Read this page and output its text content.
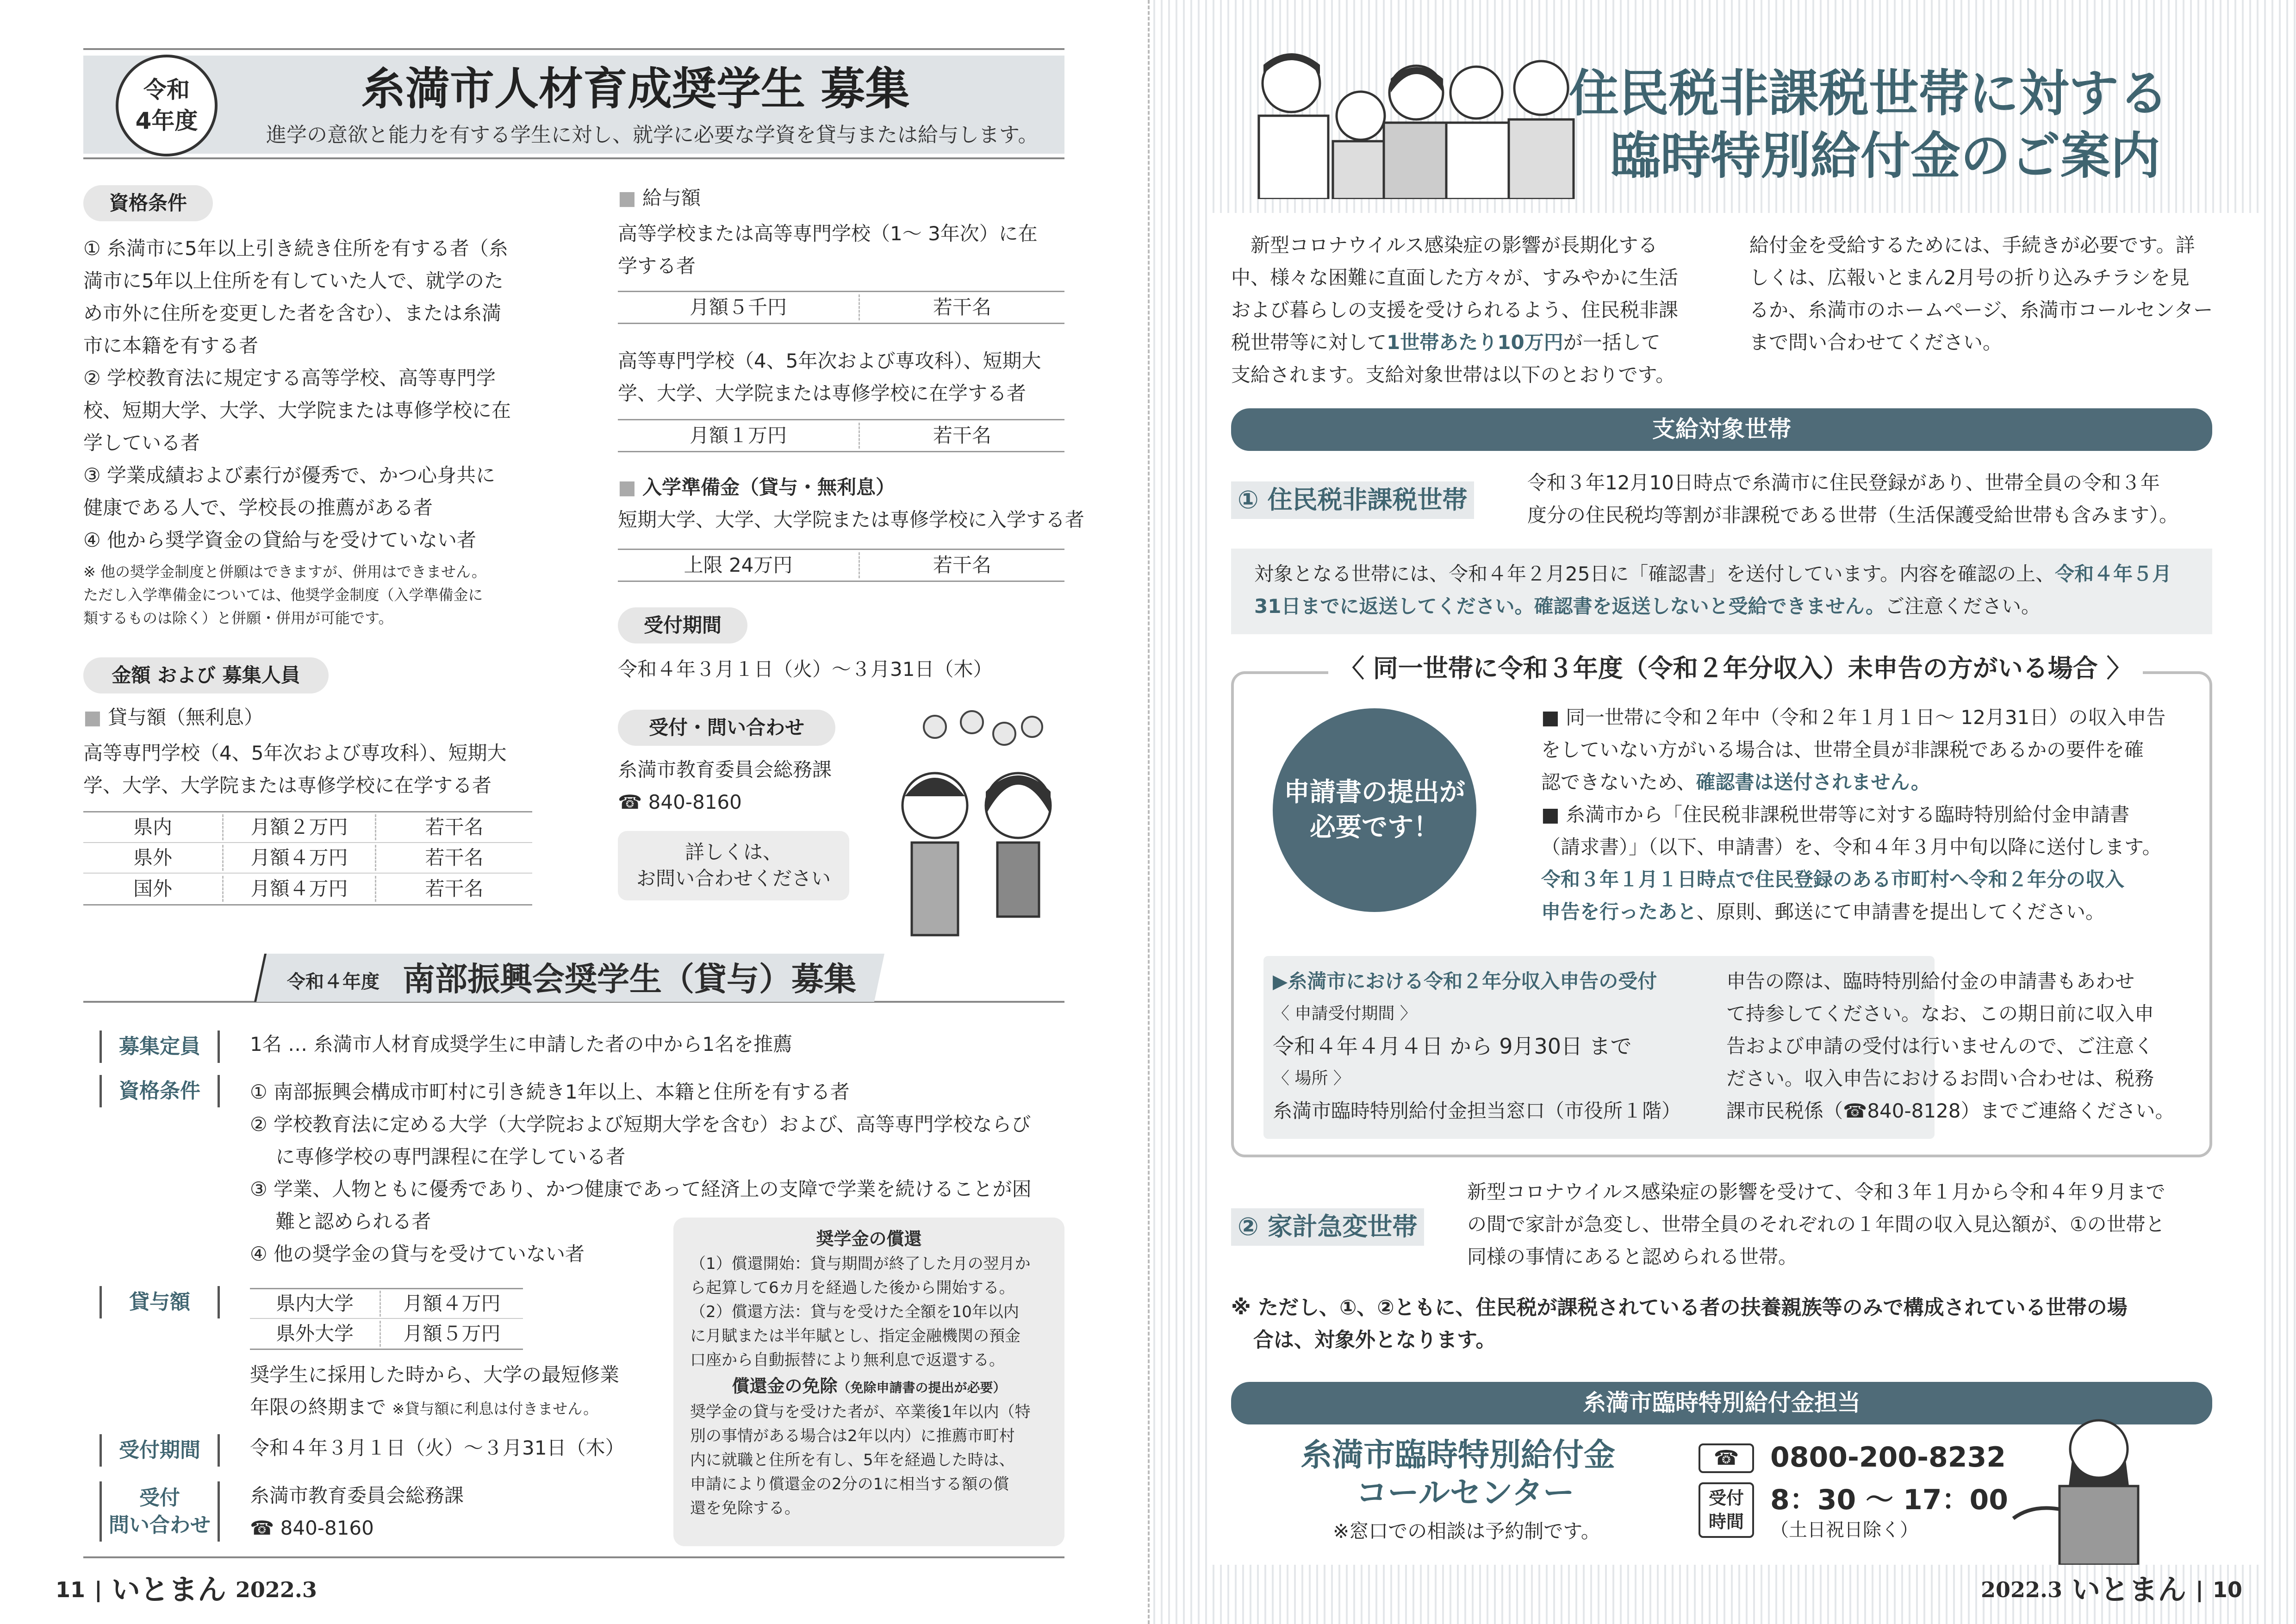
令和
4年度
糸満市人材育成奨学生 募集
進学の意欲と能力を有する学生に対し、就学に必要な学資を貸与または給与します。
資格条件
① 糸満市に5年以上引き続き住所を有する者（糸
満市に5年以上住所を有していた人で、就学のた
め市外に住所を変更した者を含む）、または糸満
市に本籍を有する者
② 学校教育法に規定する高等学校、高等専門学
校、短期大学、大学、大学院または専修学校に在
学している者
③ 学業成績および素行が優秀で、かつ心身共に
健康である人で、学校長の推薦がある者
④ 他から奨学資金の貸給与を受けていない者
※ 他の奨学金制度と併願はできますが、併用はできません。
ただし入学準備金については、他奨学金制度（入学準備金に
類するものは除く）と併願・併用が可能です。
金額 および 募集人員
■ 貸与額（無利息）
高等専門学校（4、5年次および専攻科）、短期大
学、大学、大学院または専修学校に在学する者
県内	月額２万円	若干名
県外	月額４万円	若干名
国外	月額４万円	若干名
■ 給与額
高等学校または高等専門学校（1～ 3年次）に在
学する者
月額５千円	若干名
高等専門学校（4、5年次および専攻科）、短期大
学、大学、大学院または専修学校に在学する者
月額１万円	若干名
■ 入学準備金（貸与・無利息）
短期大学、大学、大学院または専修学校に入学する者
上限 24万円	若干名
受付期間
令和４年３月１日（火）～３月31日（木）
受付・問い合わせ
糸満市教育委員会総務課
☎ 840-8160
詳しくは、
お問い合わせください
令和４年度 南部振興会奨学生（貸与）募集
募集定員	1名 … 糸満市人材育成奨学生に申請した者の中から1名を推薦
資格条件	① 南部振興会構成市町村に引き続き1年以上、本籍と住所を有する者
② 学校教育法に定める大学（大学院および短期大学を含む）および、高等専門学校ならび
　 に専修学校の専門課程に在学している者
③ 学業、人物ともに優秀であり、かつ健康であって経済上の支障で学業を続けることが困
　 難と認められる者
④ 他の奨学金の貸与を受けていない者
貸与額	県内大学	月額４万円
県外大学	月額５万円
奨学生に採用した時から、大学の最短修業
年限の終期まで ※貸与額に利息は付きません。
受付期間	令和４年３月１日（火）～３月31日（木）
受付
問い合わせ
糸満市教育委員会総務課
☎ 840-8160
奨学金の償還
（1）償還開始：貸与期間が終了した月の翌月か
ら起算して6カ月を経過した後から開始する。
（2）償還方法：貸与を受けた全額を10年以内
に月賦または半年賦とし、指定金融機関の預金
口座から自動振替により無利息で返還する。
償還金の免除（免除申請書の提出が必要）
奨学金の貸与を受けた者が、卒業後1年以内（特
別の事情がある場合は2年以内）に推薦市町村
内に就職と住所を有し、5年を経過した時は、
申請により償還金の2分の1に相当する額の償
還を免除する。
11 | いとまん 2022.3
住民税非課税世帯に対する
臨時特別給付金のご案内
新型コロナウイルス感染症の影響が長期化する
中、様々な困難に直面した方々が、すみやかに生活
および暮らしの支援を受けられるよう、住民税非課
税世帯等に対して1世帯あたり10万円が一括して
支給されます。支給対象世帯は以下のとおりです。
給付金を受給するためには、手続きが必要です。詳
しくは、広報いとまん2月号の折り込みチラシを見
るか、糸満市のホームページ、糸満市コールセンター
まで問い合わせてください。
支給対象世帯
① 住民税非課税世帯
令和３年12月10日時点で糸満市に住民登録があり、世帯全員の令和３年
度分の住民税均等割が非課税である世帯（生活保護受給世帯も含みます）。
対象となる世帯には、令和４年２月25日に「確認書」を送付しています。内容を確認の上、令和４年５月
31日までに返送してください。確認書を返送しないと受給できません。ご注意ください。
〈 同一世帯に令和３年度（令和２年分収入）未申告の方がいる場合 〉
申請書の提出が
必要です！
■ 同一世帯に令和２年中（令和２年１月１日～ 12月31日）の収入申告
をしていない方がいる場合は、世帯全員が非課税であるかの要件を確
認できないため、確認書は送付されません。
■ 糸満市から「住民税非課税世帯等に対する臨時特別給付金申請書
（請求書）」（以下、申請書）を、令和４年３月中旬以降に送付します。
令和３年１月１日時点で住民登録のある市町村へ令和２年分の収入
申告を行ったあと、原則、郵送にて申請書を提出してください。
▶糸満市における令和２年分収入申告の受付
〈 申請受付期間 〉
令和４年４月４日 から 9月30日 まで
〈 場所 〉
糸満市臨時特別給付金担当窓口（市役所１階）
申告の際は、臨時特別給付金の申請書もあわせ
て持参してください。なお、この期日前に収入申
告および申請の受付は行いませんので、ご注意く
ださい。収入申告におけるお問い合わせは、税務
課市民税係（☎840-8128）までご連絡ください。
② 家計急変世帯
新型コロナウイルス感染症の影響を受けて、令和３年１月から令和４年９月まで
の間で家計が急変し、世帯全員のそれぞれの１年間の収入見込額が、①の世帯と
同様の事情にあると認められる世帯。
※ ただし、①、②ともに、住民税が課税されている者の扶養親族等のみで構成されている世帯の場
合は、対象外となります。
糸満市臨時特別給付金担当
糸満市臨時特別給付金
コールセンター
※窓口での相談は予約制です。
☎ 0800-200-8232
受付
時間
8：30 ～ 17：00
（土日祝日除く）
2022.3 いとまん | 10
